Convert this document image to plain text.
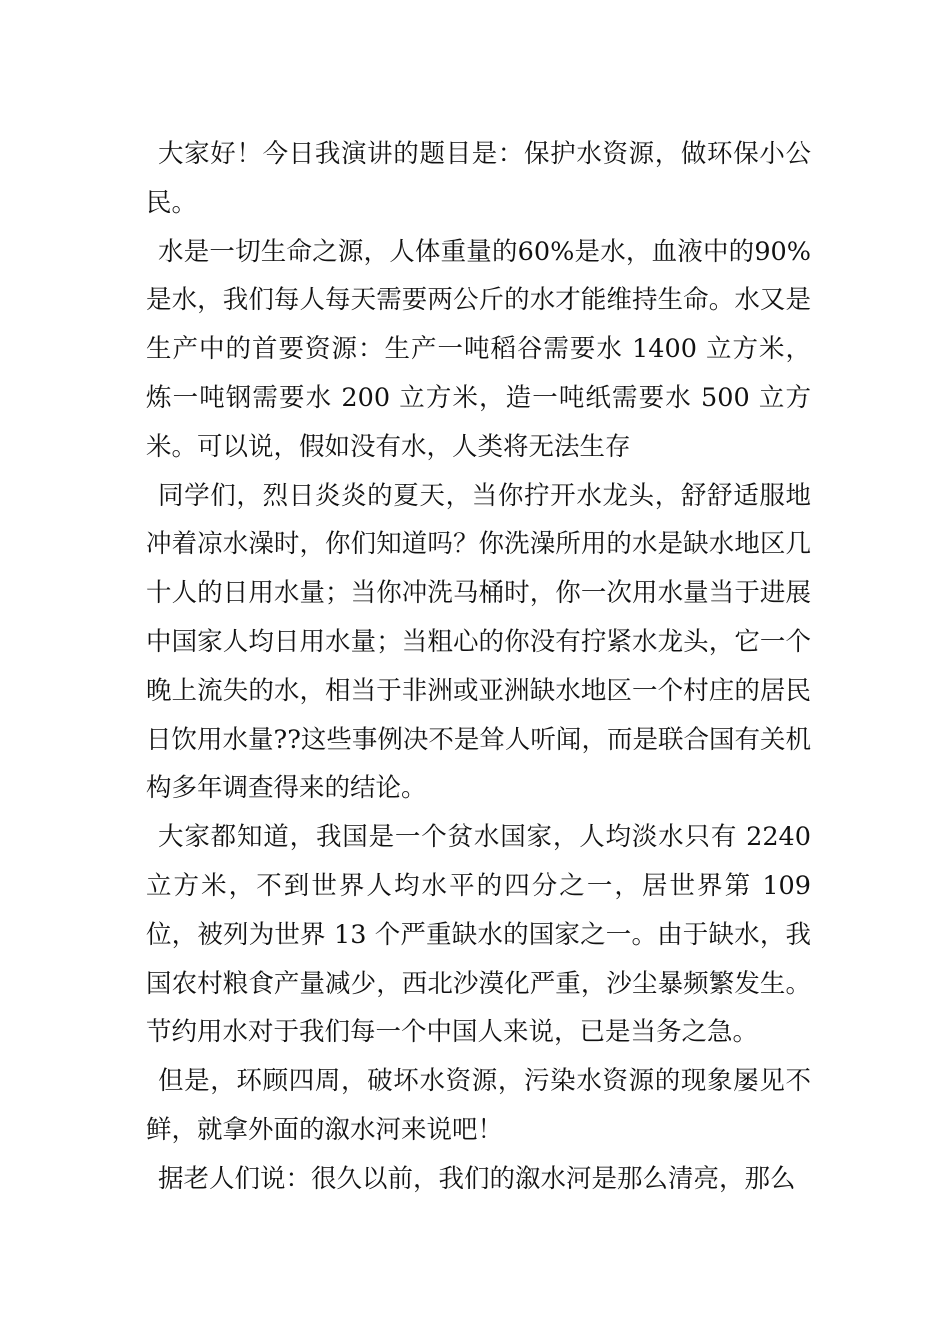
大家好！今日我演讲的题目是：保护水资源，做环保小公民。

水是一切生命之源，人体重量的60%是水，血液中的90%是水，我们每人每天需要两公斤的水才能维持生命。水又是生产中的首要资源：生产一吨稻谷需要水 1400 立方米，炼一吨钢需要水 200 立方米，造一吨纸需要水 500 立方米。可以说，假如没有水，人类将无法生存

同学们，烈日炎炎的夏天，当你拧开水龙头，舒舒适服地冲着凉水澡时，你们知道吗？你洗澡所用的水是缺水地区几十人的日用水量；当你冲洗马桶时，你一次用水量当于进展中国家人均日用水量；当粗心的你没有拧紧水龙头，它一个晚上流失的水，相当于非洲或亚洲缺水地区一个村庄的居民日饮用水量??这些事例决不是耸人听闻，而是联合国有关机构多年调查得来的结论。

大家都知道，我国是一个贫水国家，人均淡水只有 2240 立方米，不到世界人均水平的四分之一，居世界第 109 位，被列为世界 13 个严重缺水的国家之一。由于缺水，我国农村粮食产量减少，西北沙漠化严重，沙尘暴频繁发生。节约用水对于我们每一个中国人来说，已是当务之急。

但是，环顾四周，破坏水资源，污染水资源的现象屡见不鲜，就拿外面的溆水河来说吧！

据老人们说：很久以前，我们的溆水河是那么清亮，那么
